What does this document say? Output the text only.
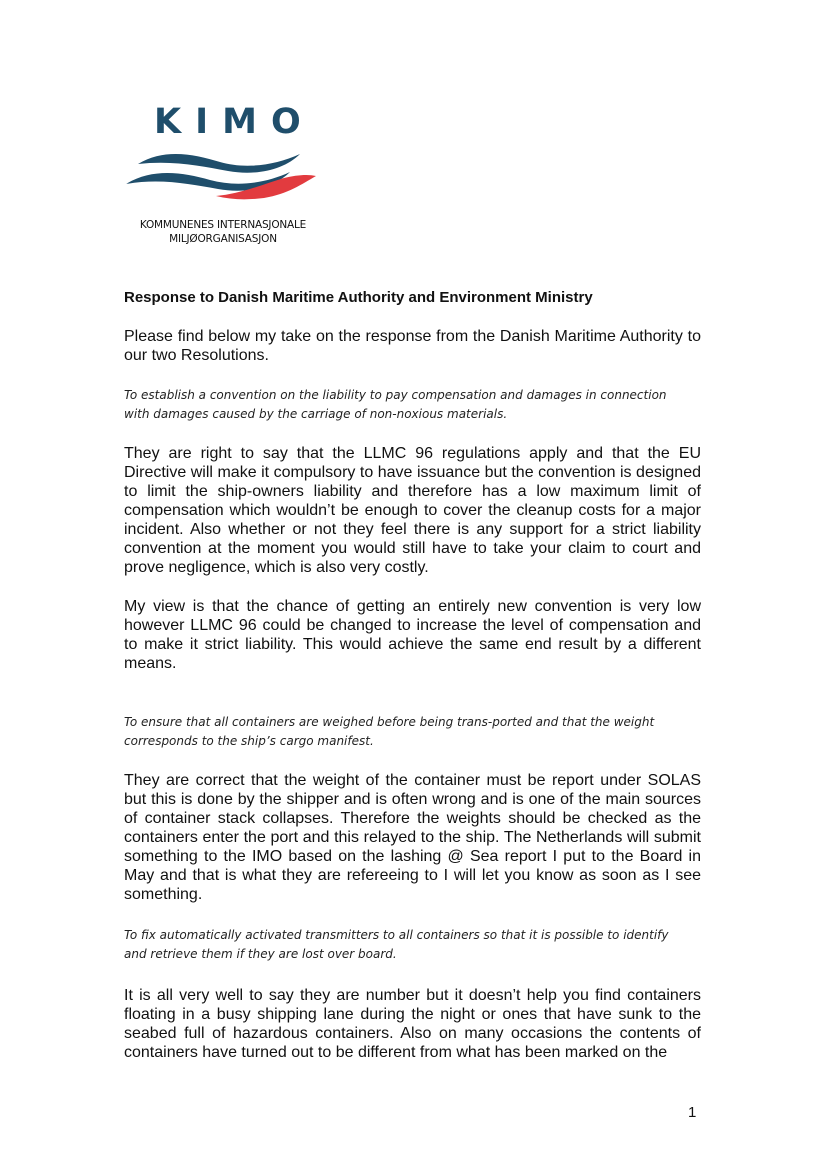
KIMO
KOMMUNENES INTERNASJONALE
MILJØORGANISASJON
Response to Danish Maritime Authority and Environment Ministry

Please find below my take on the response from the Danish Maritime Authority to our two Resolutions.

To establish a convention on the liability to pay compensation and damages in connection with damages caused by the carriage of non-noxious materials.

They are right to say that the LLMC 96 regulations apply and that the EU Directive will make it compulsory to have issuance but the convention is designed to limit the ship-owners liability and therefore has a low maximum limit of compensation which wouldn’t be enough to cover the cleanup costs for a major incident. Also whether or not they feel there is any support for a strict liability convention at the moment you would still have to take your claim to court and prove negligence, which is also very costly.

My view is that the chance of getting an entirely new convention is very low however LLMC 96 could be changed to increase the level of compensation and to make it strict liability. This would achieve the same end result by a different means.

To ensure that all containers are weighed before being trans-ported and that the weight corresponds to the ship’s cargo manifest.

They are correct that the weight of the container must be report under SOLAS but this is done by the shipper and is often wrong and is one of the main sources of container stack collapses. Therefore the weights should be checked as the containers enter the port and this relayed to the ship. The Netherlands will submit something to the IMO based on the lashing @ Sea report I put to the Board in May and that is what they are refereeing to I will let you know as soon as I see something.

To fix automatically activated transmitters to all containers so that it is possible to identify and retrieve them if they are lost over board.

It is all very well to say they are number but it doesn’t help you find containers floating in a busy shipping lane during the night or ones that have sunk to the seabed full of hazardous containers. Also on many occasions the contents of containers have turned out to be different from what has been marked on the

1
